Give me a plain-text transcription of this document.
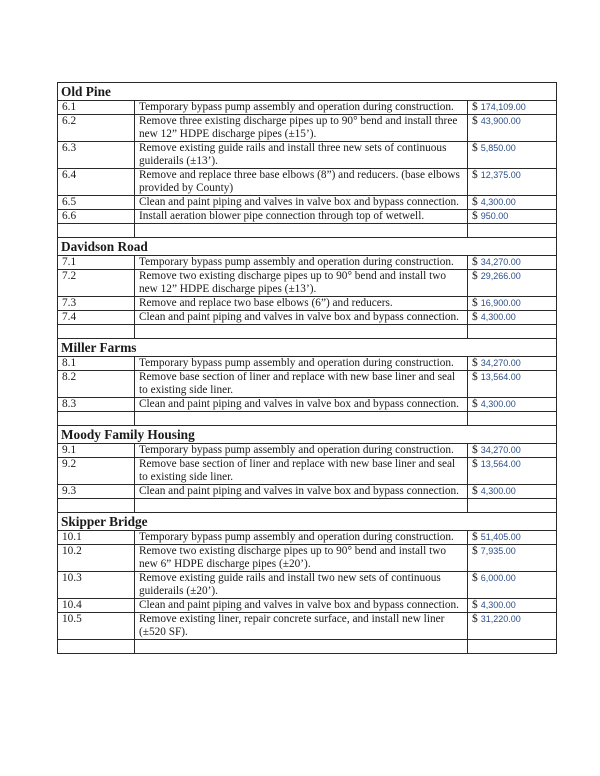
Old Pine		
6.1	Temporary bypass pump assembly and operation during construction.	$ 174,109.00
6.2	Remove three existing discharge pipes up to 90° bend and install three new 12” HDPE discharge pipes (±15’).	$ 43,900.00
6.3	Remove existing guide rails and install three new sets of continuous guiderails (±13’).	$ 5,850.00
6.4	Remove and replace three base elbows (8”) and reducers. (base elbows provided by County)	$ 12,375.00
6.5	Clean and paint piping and valves in valve box and bypass connection.	$ 4,300.00
6.6	Install aeration blower pipe connection through top of wetwell.	$ 950.00

Davidson Road		
7.1	Temporary bypass pump assembly and operation during construction.	$ 34,270.00
7.2	Remove two existing discharge pipes up to 90° bend and install two new 12” HDPE discharge pipes (±13’).	$ 29,266.00
7.3	Remove and replace two base elbows (6”) and reducers.	$ 16,900.00
7.4	Clean and paint piping and valves in valve box and bypass connection.	$ 4,300.00

Miller Farms		
8.1	Temporary bypass pump assembly and operation during construction.	$ 34,270.00
8.2	Remove base section of liner and replace with new base liner and seal to existing side liner.	$ 13,564.00
8.3	Clean and paint piping and valves in valve box and bypass connection.	$ 4,300.00

Moody Family Housing		
9.1	Temporary bypass pump assembly and operation during construction.	$ 34,270.00
9.2	Remove base section of liner and replace with new base liner and seal to existing side liner.	$ 13,564.00
9.3	Clean and paint piping and valves in valve box and bypass connection.	$ 4,300.00

Skipper Bridge		
10.1	Temporary bypass pump assembly and operation during construction.	$ 51,405.00
10.2	Remove two existing discharge pipes up to 90° bend and install two new 6” HDPE discharge pipes (±20’).	$ 7,935.00
10.3	Remove existing guide rails and install two new sets of continuous guiderails (±20’).	$ 6,000.00
10.4	Clean and paint piping and valves in valve box and bypass connection.	$ 4,300.00
10.5	Remove existing liner, repair concrete surface, and install new liner (±520 SF).	$ 31,220.00
